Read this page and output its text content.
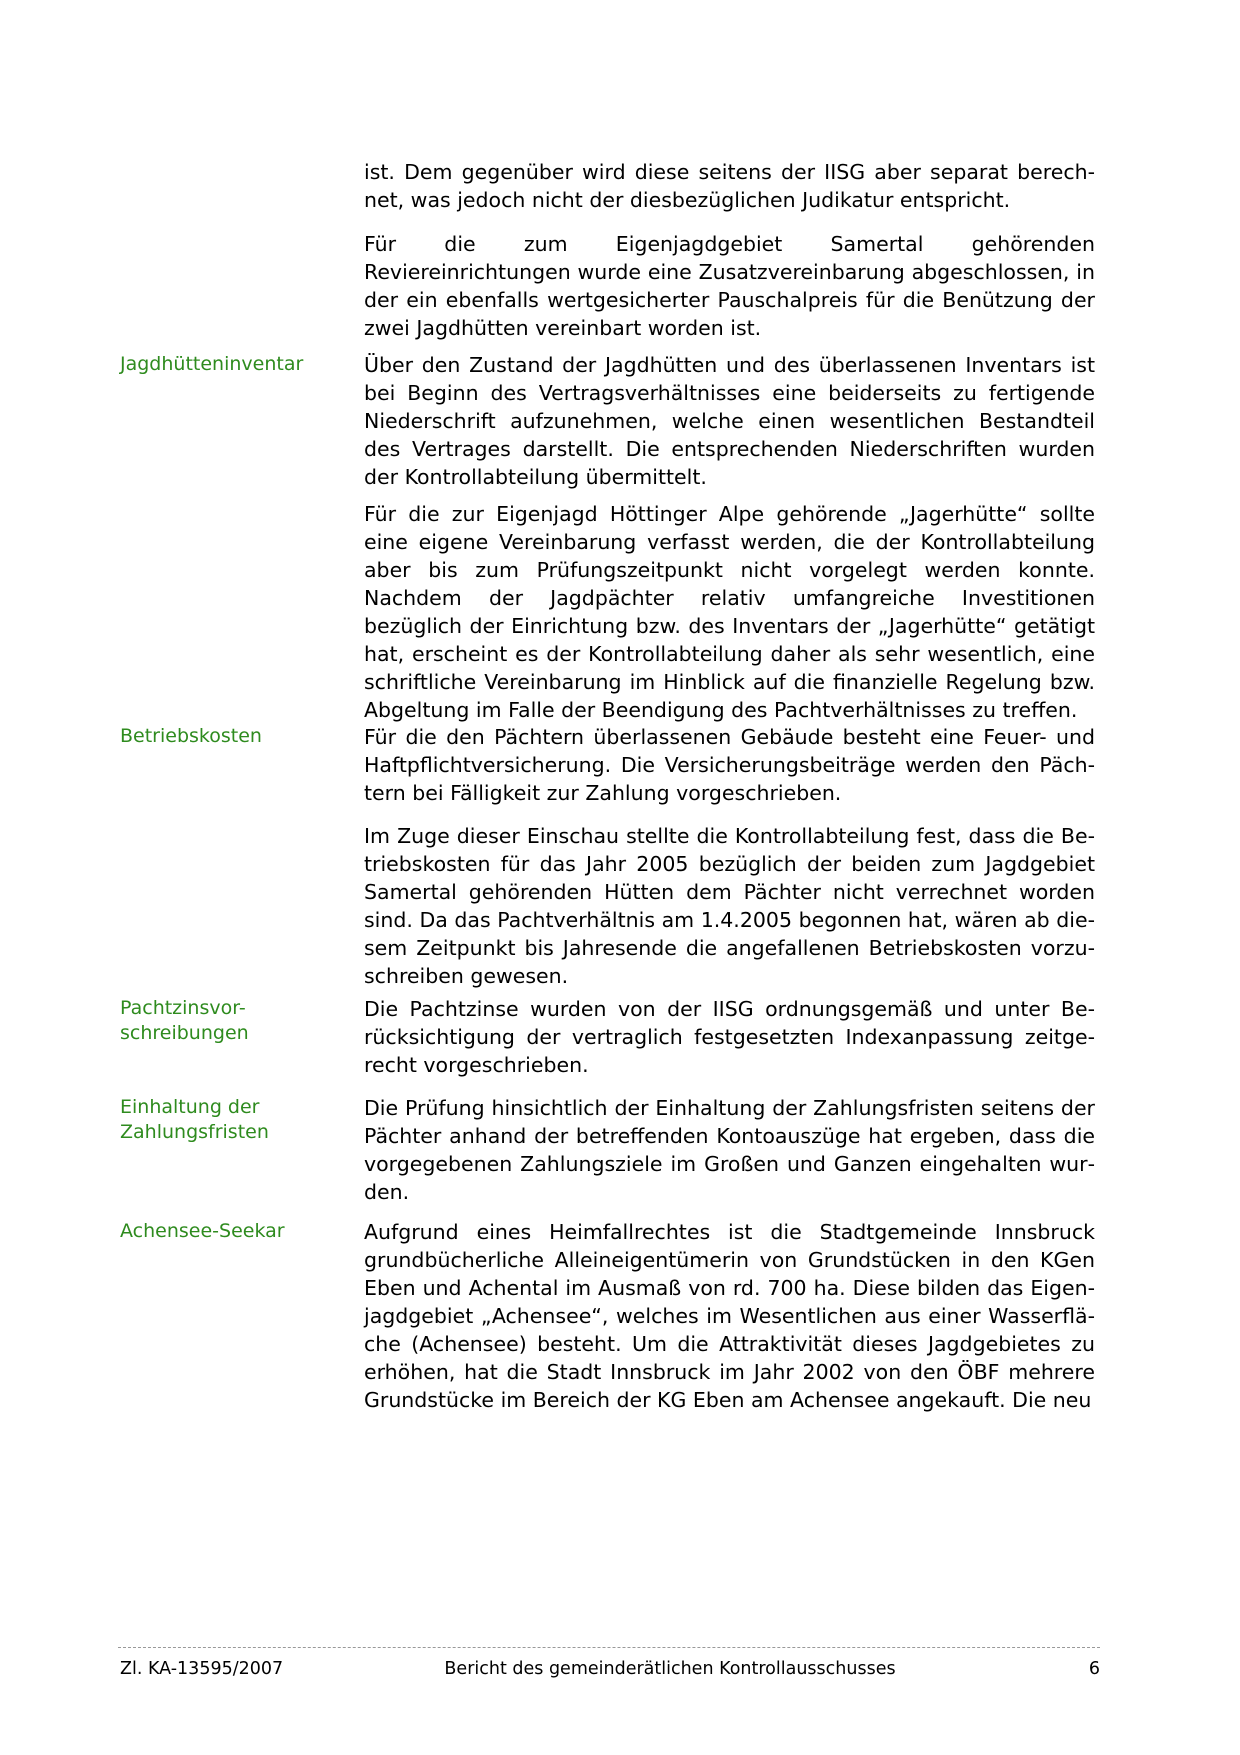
ist. Dem gegenüber wird diese seitens der IISG aber separat berechnet, was jedoch nicht der diesbezüglichen Judikatur entspricht.

Für die zum Eigenjagdgebiet Samertal gehörenden Reviereinrichtungen wurde eine Zusatzvereinbarung abgeschlossen, in der ein ebenfalls wertgesicherter Pauschalpreis für die Benützung der zwei Jagdhütten vereinbart worden ist.

Jagdhütteninventar	Über den Zustand der Jagdhütten und des überlassenen Inventars ist bei Beginn des Vertragsverhältnisses eine beiderseits zu fertigende Niederschrift aufzunehmen, welche einen wesentlichen Bestandteil des Vertrages darstellt. Die entsprechenden Niederschriften wurden der Kontrollabteilung übermittelt.

Für die zur Eigenjagd Höttinger Alpe gehörende „Jagerhütte“ sollte eine eigene Vereinbarung verfasst werden, die der Kontrollabteilung aber bis zum Prüfungszeitpunkt nicht vorgelegt werden konnte. Nachdem der Jagdpächter relativ umfangreiche Investitionen bezüglich der Einrichtung bzw. des Inventars der „Jagerhütte“ getätigt hat, erscheint es der Kontrollabteilung daher als sehr wesentlich, eine schriftliche Vereinbarung im Hinblick auf die finanzielle Regelung bzw. Abgeltung im Falle der Beendigung des Pachtverhältnisses zu treffen.

Betriebskosten	Für die den Pächtern überlassenen Gebäude besteht eine Feuer- und Haftpflichtversicherung. Die Versicherungsbeiträge werden den Pächtern bei Fälligkeit zur Zahlung vorgeschrieben.

Im Zuge dieser Einschau stellte die Kontrollabteilung fest, dass die Betriebskosten für das Jahr 2005 bezüglich der beiden zum Jagdgebiet Samertal gehörenden Hütten dem Pächter nicht verrechnet worden sind. Da das Pachtverhältnis am 1.4.2005 begonnen hat, wären ab diesem Zeitpunkt bis Jahresende die angefallenen Betriebskosten vorzuschreiben gewesen.

Pachtzinsvor-
schreibungen

Die Pachtzinse wurden von der IISG ordnungsgemäß und unter Berücksichtigung der vertraglich festgesetzten Indexanpassung zeitgerecht vorgeschrieben.

Einhaltung der
Zahlungsfristen

Die Prüfung hinsichtlich der Einhaltung der Zahlungsfristen seitens der Pächter anhand der betreffenden Kontoauszüge hat ergeben, dass die vorgegebenen Zahlungsziele im Großen und Ganzen eingehalten wurden.

Achensee-Seekar	Aufgrund eines Heimfallrechtes ist die Stadtgemeinde Innsbruck grundbücherliche Alleineigentümerin von Grundstücken in den KGen Eben und Achental im Ausmaß von rd. 700 ha. Diese bilden das Eigenjagdgebiet „Achensee“, welches im Wesentlichen aus einer Wasserfläche (Achensee) besteht. Um die Attraktivität dieses Jagdgebietes zu erhöhen, hat die Stadt Innsbruck im Jahr 2002 von den ÖBF mehrere Grundstücke im Bereich der KG Eben am Achensee angekauft. Die neu

Zl. KA-13595/2007	Bericht des gemeinderätlichen Kontrollausschusses	6
